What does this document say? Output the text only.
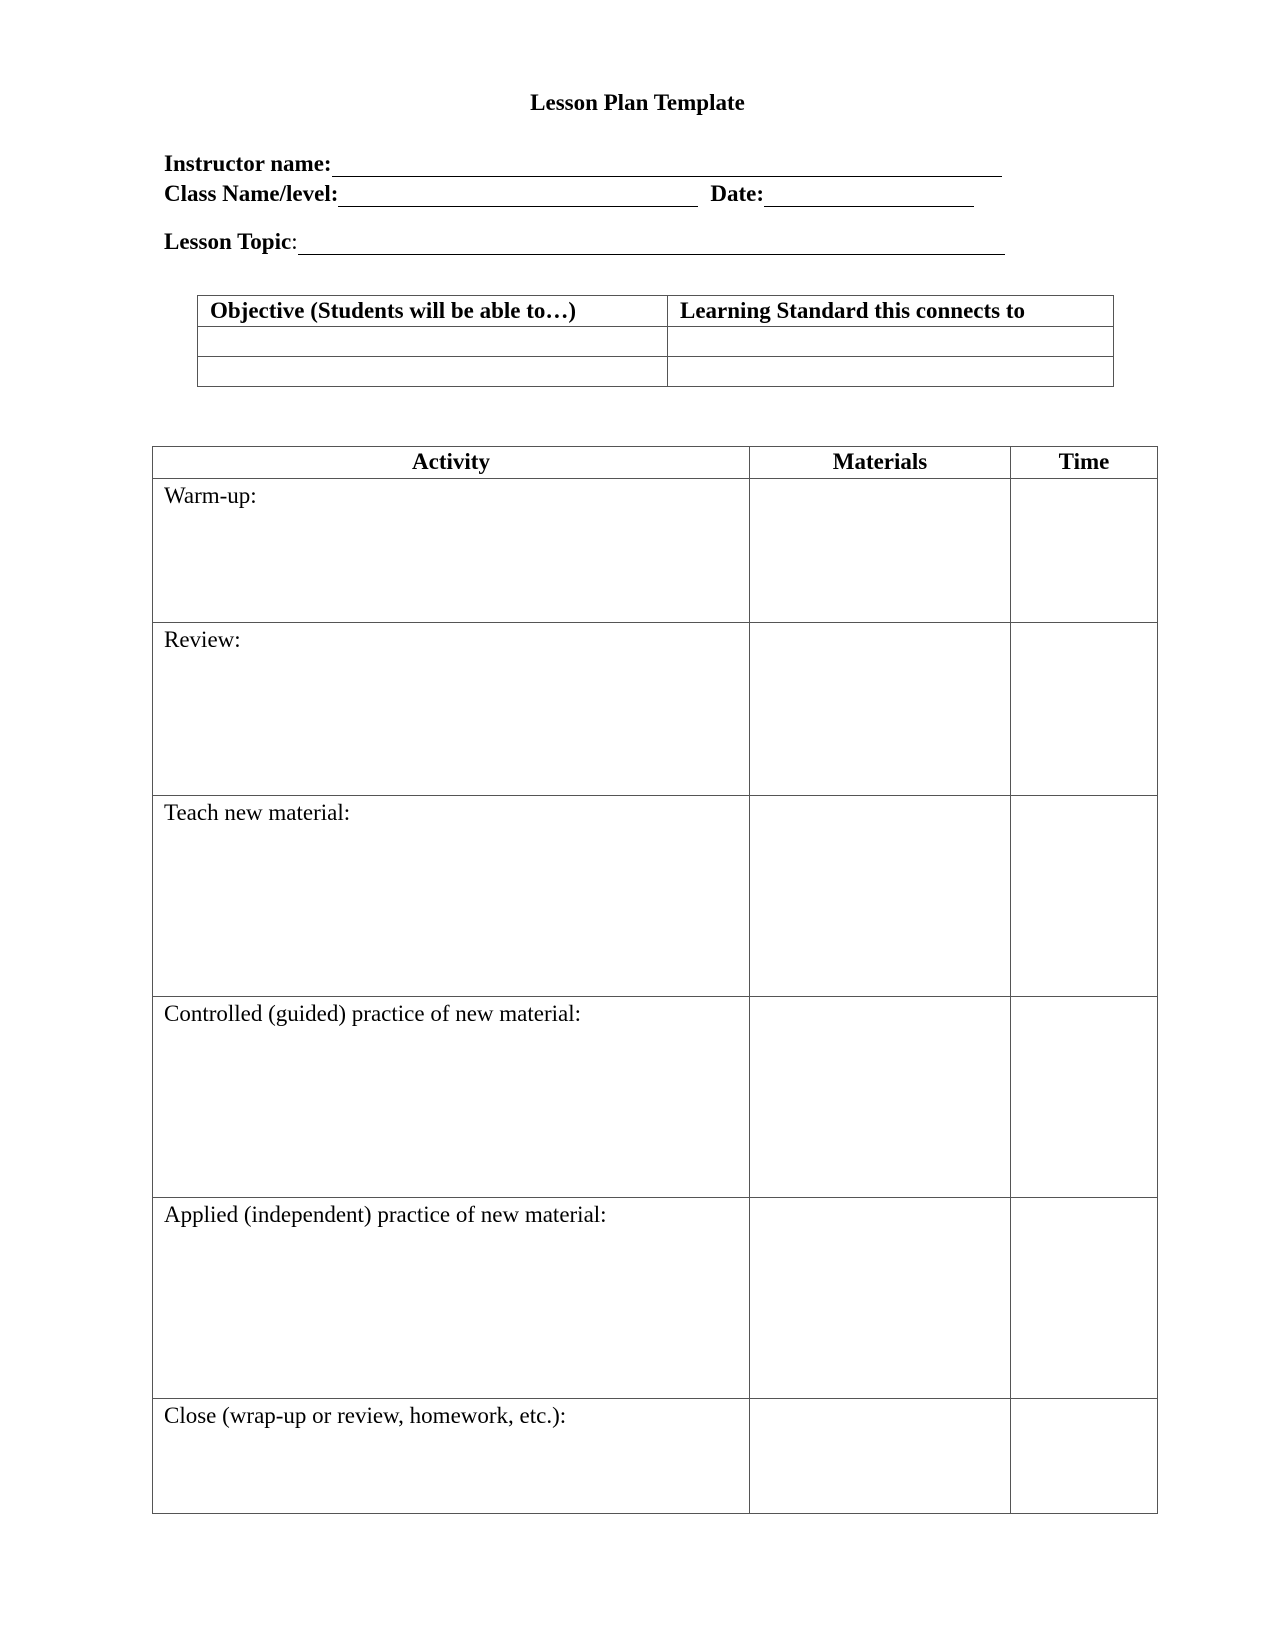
Lesson Plan Template
Instructor name:
Class Name/level:	Date:
Lesson Topic :
Objective (Students will be able to…)	Learning Standard this connects to

Activity	Materials	Time
Warm-up:		
Review:		
Teach new material:		
Controlled (guided) practice of new material:		
Applied (independent) practice of new material:		
Close (wrap-up or review, homework, etc.):		
